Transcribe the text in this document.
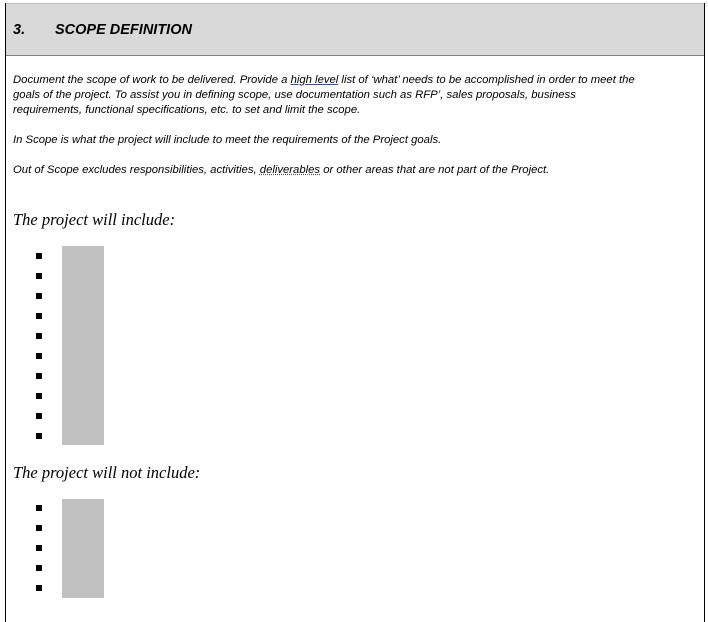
3.	SCOPE DEFINITION

Document the scope of work to be delivered. Provide a high level list of ‘what’ needs to be accomplished in order to meet the goals of the project. To assist you in defining scope, use documentation such as RFP’, sales proposals, business requirements, functional specifications, etc. to set and limit the scope.

In Scope is what the project will include to meet the requirements of the Project goals.

Out of Scope excludes responsibilities, activities, deliverables or other areas that are not part of the Project.

The project will include:
The project will not include:
